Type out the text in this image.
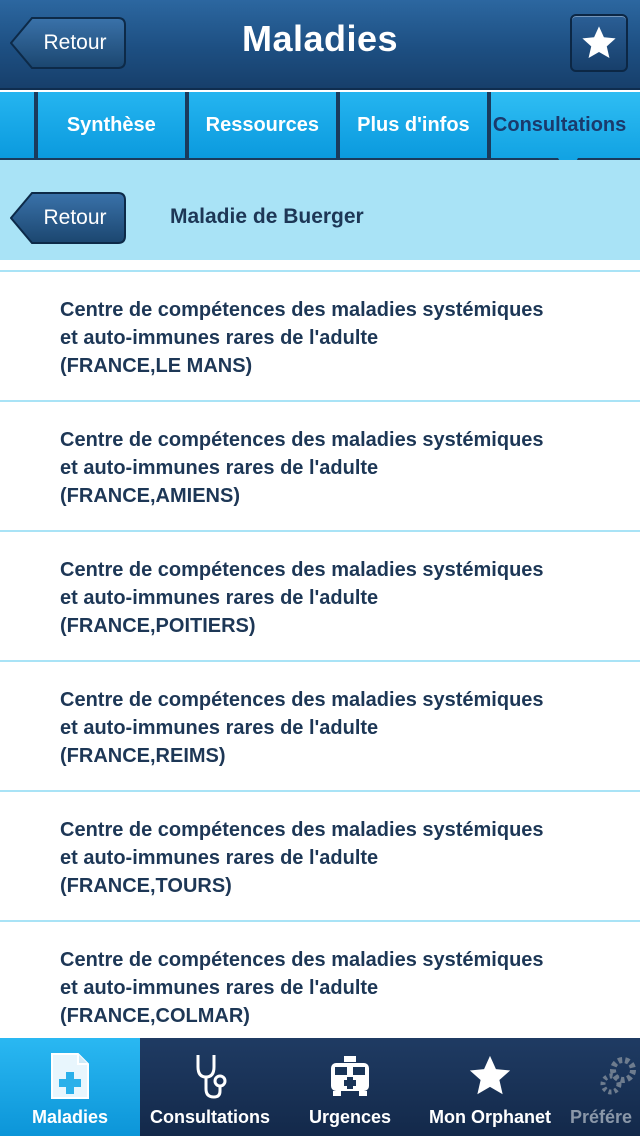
Retour	Maladies
Synthèse Ressources Plus d'infos Consultations
Retour	Maladie de Buerger
Centre de compétences des maladies systémiques
et auto-immunes rares de l'adulte
(FRANCE,LE MANS)
Centre de compétences des maladies systémiques
et auto-immunes rares de l'adulte
(FRANCE,AMIENS)
Centre de compétences des maladies systémiques
et auto-immunes rares de l'adulte
(FRANCE,POITIERS)
Centre de compétences des maladies systémiques
et auto-immunes rares de l'adulte
(FRANCE,REIMS)
Centre de compétences des maladies systémiques
et auto-immunes rares de l'adulte
(FRANCE,TOURS)
Centre de compétences des maladies systémiques
et auto-immunes rares de l'adulte
(FRANCE,COLMAR)
Maladies Consultations Urgences Mon Orphanet Préfére
